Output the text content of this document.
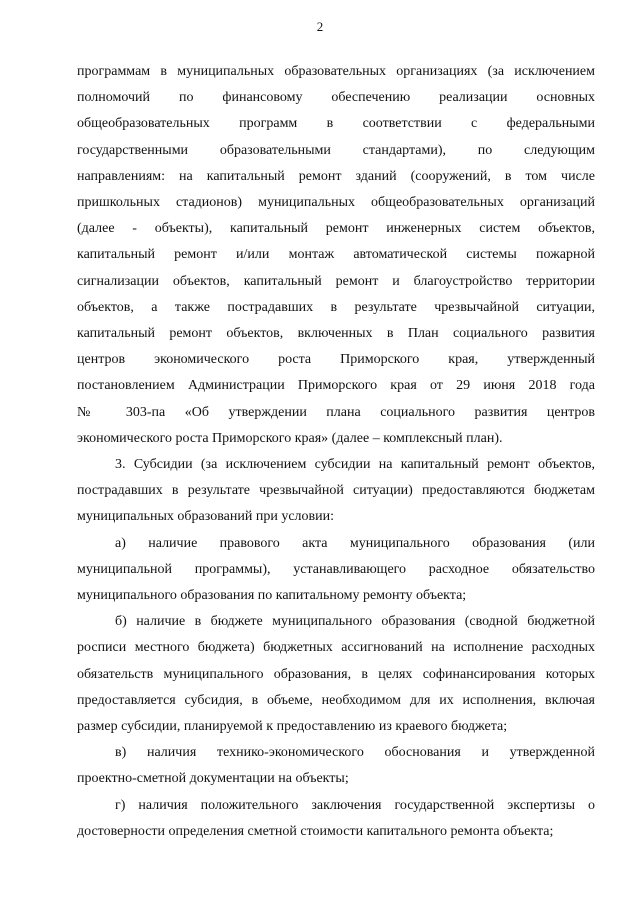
2
программам в муниципальных образовательных организациях (за исключением
полномочий по финансовому обеспечению реализации основных
общеобразовательных программ в соответствии с федеральными
государственными образовательными стандартами), по следующим
направлениям: на капитальный ремонт зданий (сооружений, в том числе
пришкольных стадионов) муниципальных общеобразовательных организаций
(далее - объекты), капитальный ремонт инженерных систем объектов,
капитальный ремонт и/или монтаж автоматической системы пожарной
сигнализации объектов, капитальный ремонт и благоустройство территории
объектов, а также пострадавших в результате чрезвычайной ситуации,
капитальный ремонт объектов, включенных в План социального развития
центров экономического роста Приморского края, утвержденный
постановлением Администрации Приморского края от 29 июня 2018 года
№ 303-па «Об утверждении плана социального развития центров
экономического роста Приморского края» (далее – комплексный план).
3. Субсидии (за исключением субсидии на капитальный ремонт объектов,
пострадавших в результате чрезвычайной ситуации) предоставляются бюджетам
муниципальных образований при условии:
а) наличие правового акта муниципального образования (или
муниципальной программы), устанавливающего расходное обязательство
муниципального образования по капитальному ремонту объекта;
б) наличие в бюджете муниципального образования (сводной бюджетной
росписи местного бюджета) бюджетных ассигнований на исполнение расходных
обязательств муниципального образования, в целях софинансирования которых
предоставляется субсидия, в объеме, необходимом для их исполнения, включая
размер субсидии, планируемой к предоставлению из краевого бюджета;
в) наличия технико-экономического обоснования и утвержденной
проектно-сметной документации на объекты;
г) наличия положительного заключения государственной экспертизы о
достоверности определения сметной стоимости капитального ремонта объекта;
